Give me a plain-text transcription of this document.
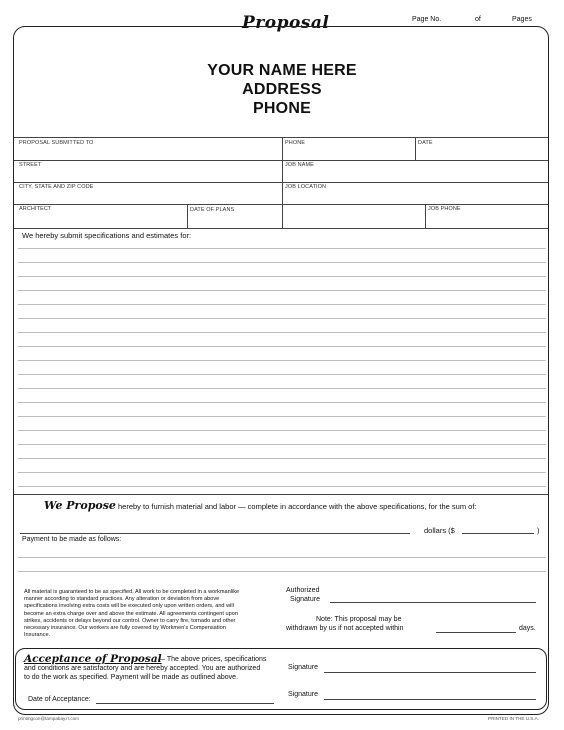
Proposal	Page No.	of	Pages
YOUR NAME HERE
ADDRESS
PHONE
PROPOSAL SUBMITTED TO	PHONE	DATE
STREET	JOB NAME
CITY, STATE AND ZIP CODE	JOB LOCATION
ARCHITECT	DATE OF PLANS	JOB PHONE
We hereby submit specifications and estimates for:
We Propose hereby to furnish material and labor — complete in accordance with the above specifications, for the sum of:
dollars ($	)
Payment to be made as follows:
All material is guaranteed to be as specified. All work to be completed in a workmanlike
manner according to standard practices. Any alteration or deviation from above
specifications involving extra costs will be executed only upon written orders, and will
become an extra charge over and above the estimate. All agreements contingent upon
strikes, accidents or delays beyond our control. Owner to carry fire, tornado and other
necessary insurance. Our workers are fully covered by Workmen's Compensation
Insurance.
Authorized
Signature
Note: This proposal may be
withdrawn by us if not accepted within	days.
Acceptance of Proposal
— The above prices, specifications
and conditions are satisfactory and are hereby accepted. You are authorized
to do the work as specified. Payment will be made as outlined above.
Signature
Date of Acceptance:
Signature
printingcon@tampabay.rr.com	PRINTED IN THE U.S.A.
